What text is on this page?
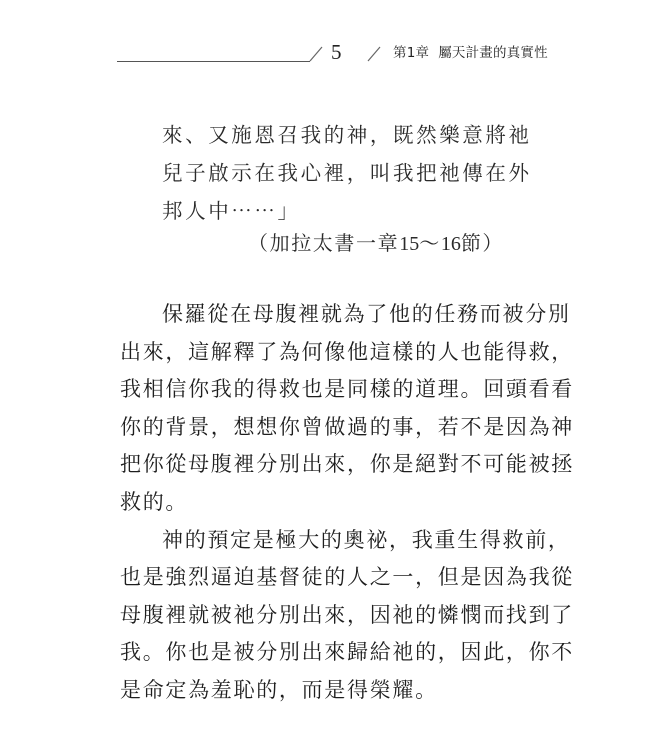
5	第1章 屬天計畫的真實性
來、又施恩召我的神，既然樂意將祂
兒子啟示在我心裡，叫我把祂傳在外
邦人中⋯⋯」
（加拉太書一章15～16節）
保羅從在母腹裡就為了他的任務而被分別
出來，這解釋了為何像他這樣的人也能得救，
我相信你我的得救也是同樣的道理。回頭看看
你的背景，想想你曾做過的事，若不是因為神
把你從母腹裡分別出來，你是絕對不可能被拯
救的。
神的預定是極大的奧祕，我重生得救前，
也是強烈逼迫基督徒的人之一，但是因為我從
母腹裡就被祂分別出來，因祂的憐憫而找到了
我。你也是被分別出來歸給祂的，因此，你不
是命定為羞恥的，而是得榮耀。
